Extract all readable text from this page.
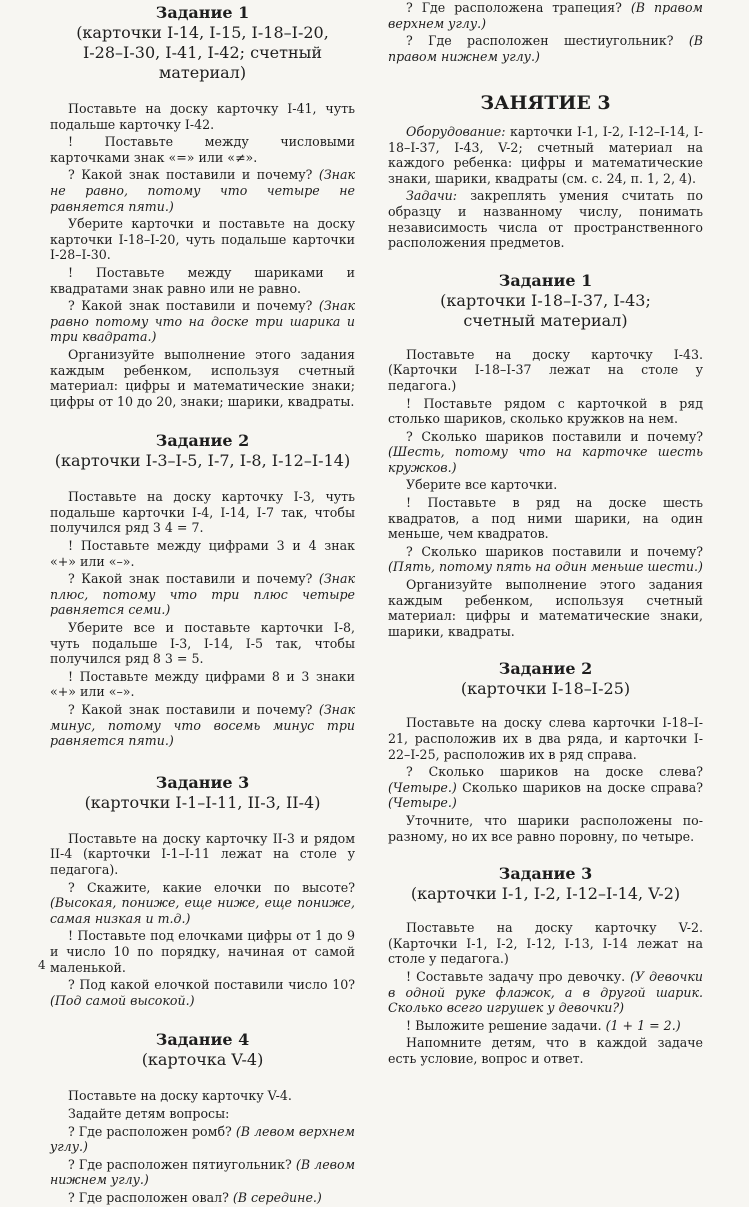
Задание 1

(карточки I-14, I-15, I-18–I-20,

I-28–I-30, I-41, I-42; счетный материал)

Поставьте на доску карточку I-41, чуть подальше карточку I-42.

! Поставьте между числовыми карточками знак «=» или «≠».

? Какой знак поставили и почему? (Знак не равно, потому что четыре не равняется пяти.)

Уберите карточки и поставьте на доску карточки I-18–I-20, чуть подальше карточки I-28–I-30.

! Поставьте между шариками и квадратами знак равно или не равно.

? Какой знак поставили и почему? (Знак равно потому что на доске три шарика и три квадрата.)

Организуйте выполнение этого задания каждым ребенком, используя счетный материал: цифры и математические знаки; цифры от 10 до 20, знаки; шарики, квадраты.

Задание 2

(карточки I-3–I-5, I-7, I-8, I-12–I-14)

Поставьте на доску карточку I-3, чуть подальше карточки I-4, I-14, I-7 так, чтобы получился ряд 3 4 = 7.

! Поставьте между цифрами 3 и 4 знак «+» или «–».

? Какой знак поставили и почему? (Знак плюс, потому что три плюс четыре равняется семи.)

Уберите все и поставьте карточки I-8, чуть подальше I-3, I-14, I-5 так, чтобы получился ряд 8 3 = 5.

! Поставьте между цифрами 8 и 3 знаки «+» или «–».

? Какой знак поставили и почему? (Знак минус, потому что восемь минус три равняется пяти.)

Задание 3

(карточки I-1–I-11, II-3, II-4)

Поставьте на доску карточку II-3 и рядом II-4 (карточки I-1–I-11 лежат на столе у педагога).

? Скажите, какие елочки по высоте? (Высокая, пониже, еще ниже, еще пониже, самая низкая и т.д.)

! Поставьте под елочками цифры от 1 до 9 и число 10 по порядку, начиная от самой маленькой.

? Под какой елочкой поставили число 10? (Под самой высокой.)

Задание 4

(карточка V-4)

Поставьте на доску карточку V-4.

Задайте детям вопросы:

? Где расположен ромб? (В левом верхнем углу.)

? Где расположен пятиугольник? (В левом нижнем углу.)

? Где расположен овал? (В середине.)

? Где расположена трапеция? (В правом верхнем углу.)

? Где расположен шестиугольник? (В правом нижнем углу.)

ЗАНЯТИЕ 3

Оборудование: карточки I-1, I-2, I-12–I-14, I-18–I-37, I-43, V-2; счетный материал на каждого ребенка: цифры и математические знаки, шарики, квадраты (см. с. 24, п. 1, 2, 4).

Задачи: закреплять умения считать по образцу и названному числу, понимать независимость числа от пространственного расположения предметов.

Задание 1

(карточки I-18–I-37, I-43;

счетный материал)

Поставьте на доску карточку I-43. (Карточки I-18–I-37 лежат на столе у педагога.)

! Поставьте рядом с карточкой в ряд столько шариков, сколько кружков на нем.

? Сколько шариков поставили и почему? (Шесть, потому что на карточке шесть кружков.)

Уберите все карточки.

! Поставьте в ряд на доске шесть квадратов, а под ними шарики, на один меньше, чем квадратов.

? Сколько шариков поставили и почему? (Пять, потому пять на один меньше шести.)

Организуйте выполнение этого задания каждым ребенком, используя счетный материал: цифры и математические знаки, шарики, квадраты.

Задание 2

(карточки I-18–I-25)

Поставьте на доску слева карточки I-18–I-21, расположив их в два ряда, и карточки I-22–I-25, расположив их в ряд справа.

? Сколько шариков на доске слева? (Четыре.) Сколько шариков на доске справа? (Четыре.)

Уточните, что шарики расположены по-разному, но их все равно поровну, по четыре.

Задание 3

(карточки I-1, I-2, I-12–I-14, V-2)

Поставьте на доску карточку V-2. (Карточки I-1, I-2, I-12, I-13, I-14 лежат на столе у педагога.)

! Составьте задачу про девочку. (У девочки в одной руке флажок, а в другой шарик. Сколько всего игрушек у девочки?)

! Выложите решение задачи. (1 + 1 = 2.)

Напомните детям, что в каждой задаче есть условие, вопрос и ответ.

4
